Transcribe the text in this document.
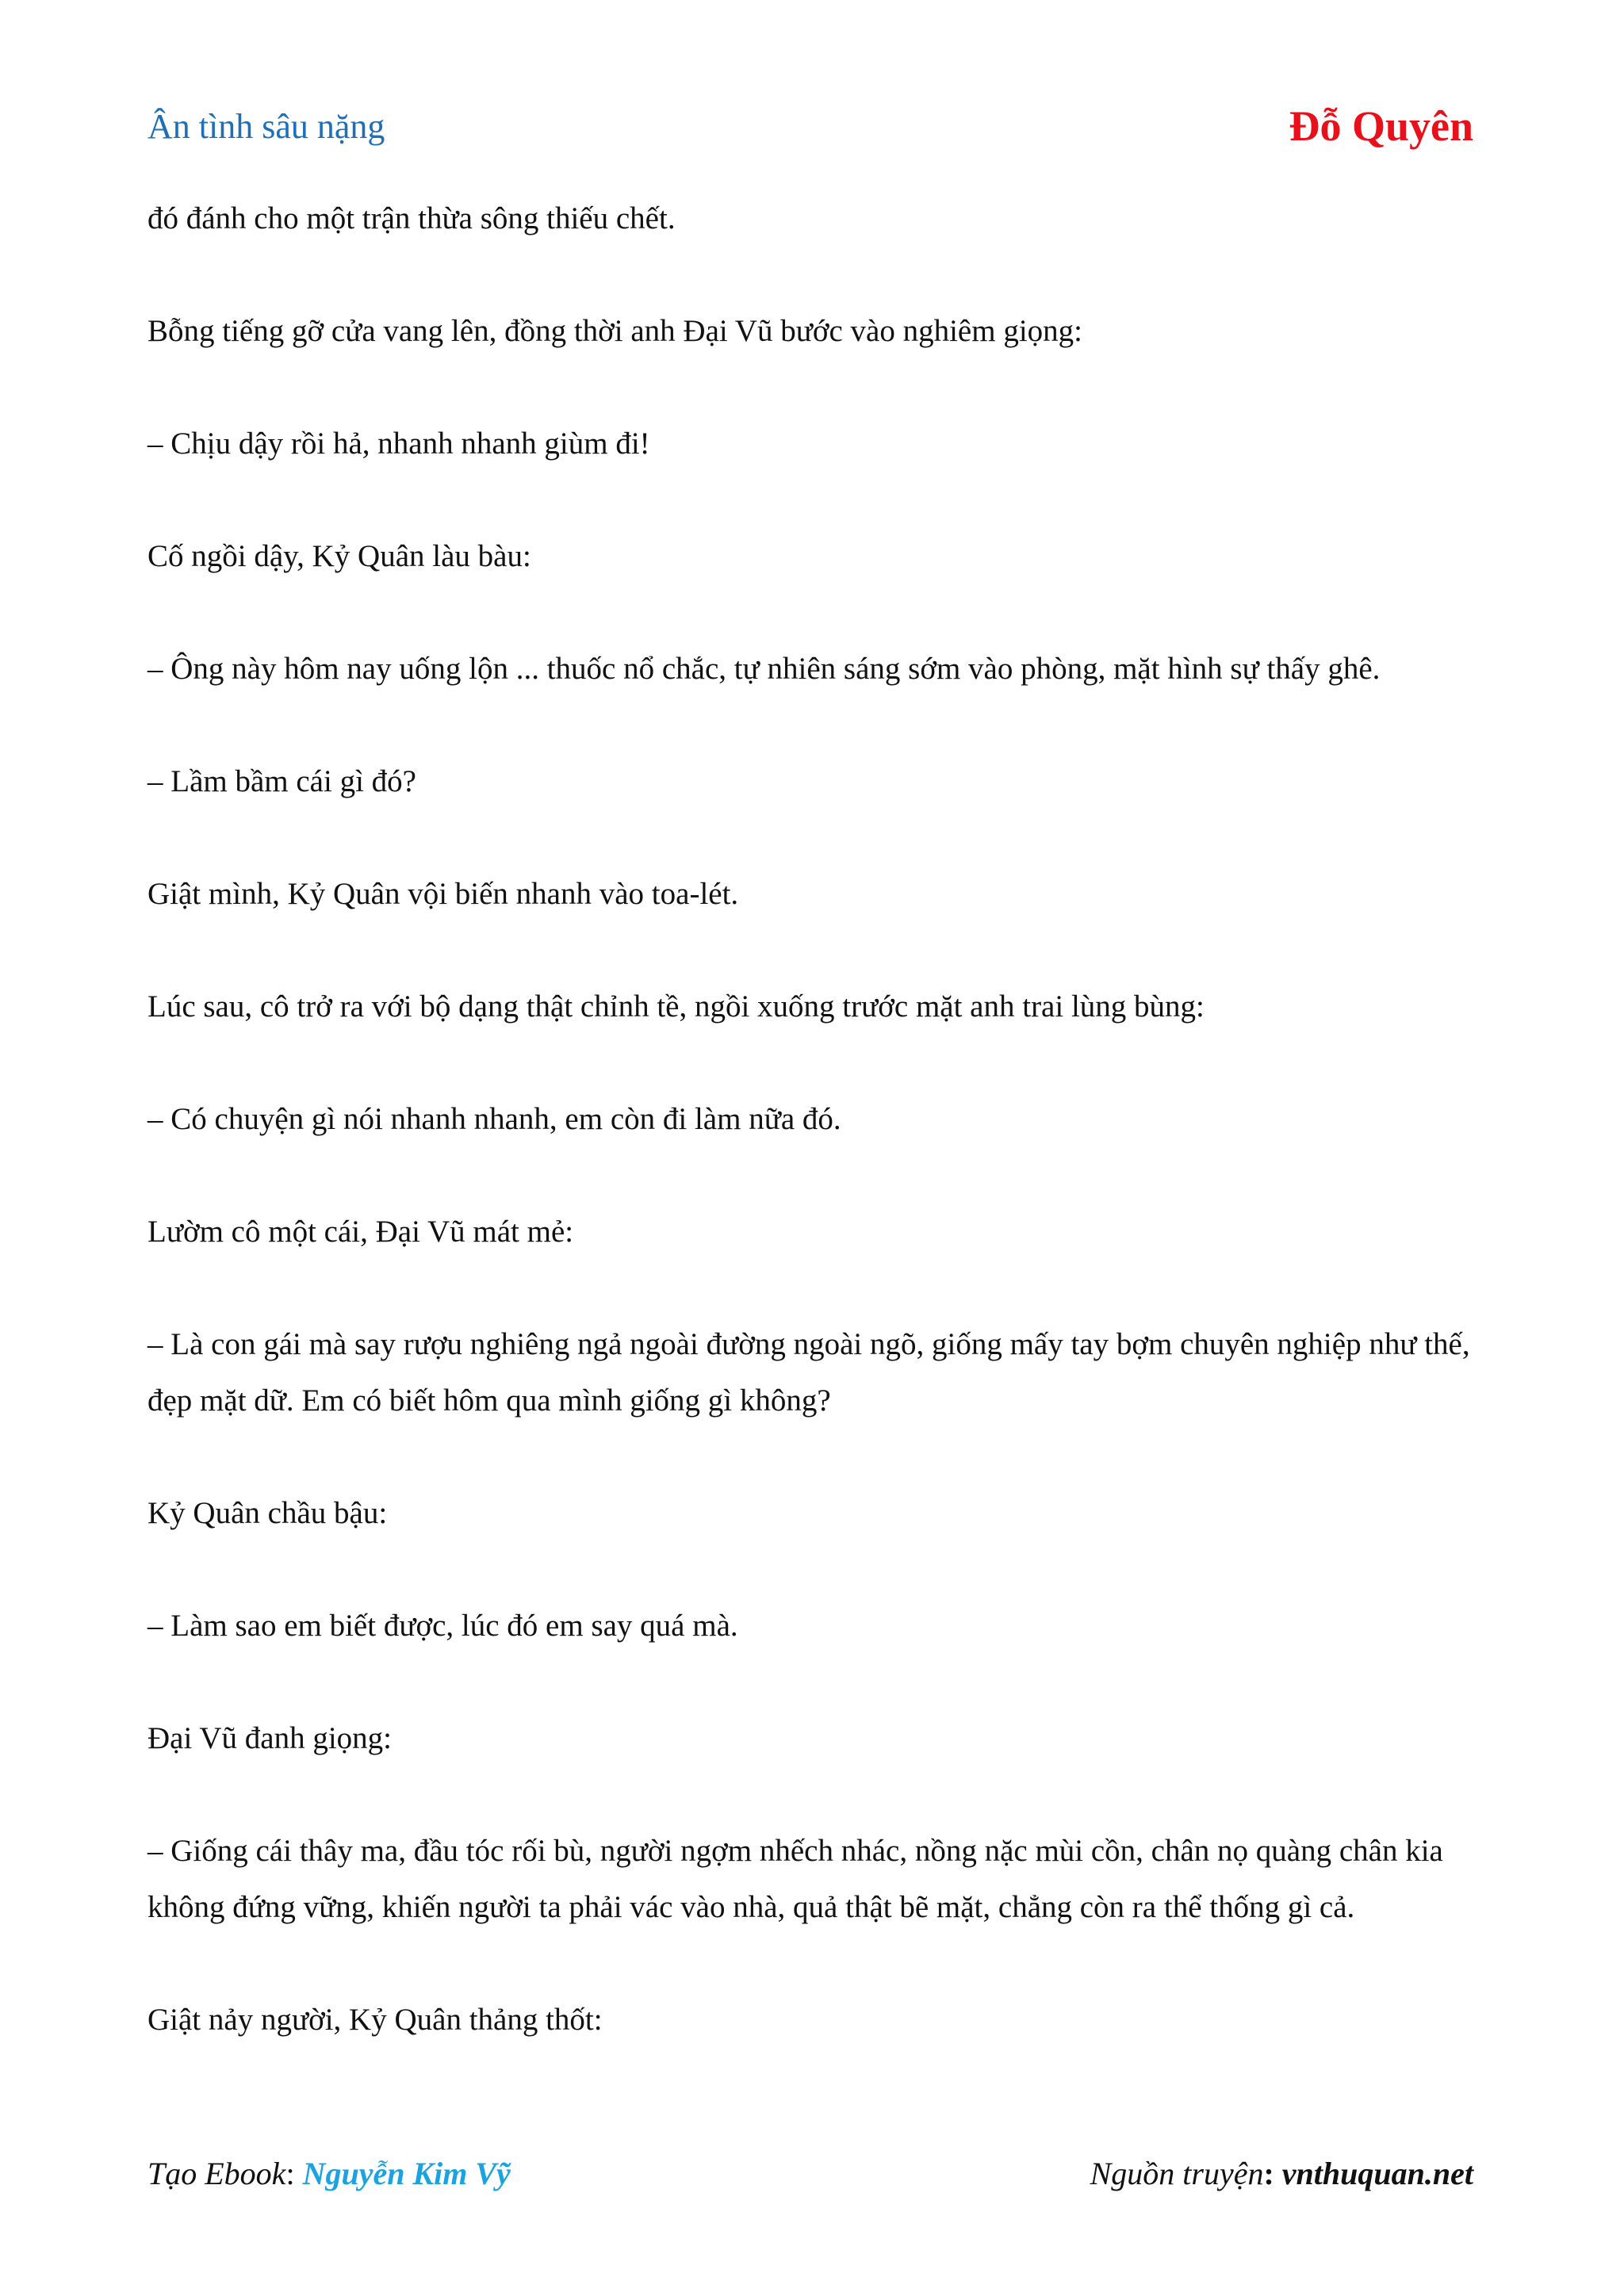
Ân tình sâu nặng	Đỗ Quyên

đó đánh cho một trận thừa sông thiếu chết.

Bỗng tiếng gỡ cửa vang lên, đồng thời anh Đại Vũ bước vào nghiêm giọng:

– Chịu dậy rồi hả, nhanh nhanh giùm đi!

Cố ngồi dậy, Kỷ Quân làu bàu:

– Ông này hôm nay uống lộn ... thuốc nổ chắc, tự nhiên sáng sớm vào phòng, mặt hình sự thấy ghê.

– Lầm bầm cái gì đó?

Giật mình, Kỷ Quân vội biến nhanh vào toa-lét.

Lúc sau, cô trở ra với bộ dạng thật chỉnh tề, ngồi xuống trước mặt anh trai lùng bùng:

– Có chuyện gì nói nhanh nhanh, em còn đi làm nữa đó.

Lườm cô một cái, Đại Vũ mát mẻ:

– Là con gái mà say rượu nghiêng ngả ngoài đường ngoài ngõ, giống mấy tay bợm chuyên nghiệp như thế, đẹp mặt dữ. Em có biết hôm qua mình giống gì không?

Kỷ Quân chầu bậu:

– Làm sao em biết được, lúc đó em say quá mà.

Đại Vũ đanh giọng:

– Giống cái thây ma, đầu tóc rối bù, người ngợm nhếch nhác, nồng nặc mùi cồn, chân nọ quàng chân kia không đứng vững, khiến người ta phải vác vào nhà, quả thật bẽ mặt, chẳng còn ra thể thống gì cả.

Giật nảy người, Kỷ Quân thảng thốt:

Tạo Ebook: Nguyễn Kim Vỹ	Nguồn truyện: vnthuquan.net
